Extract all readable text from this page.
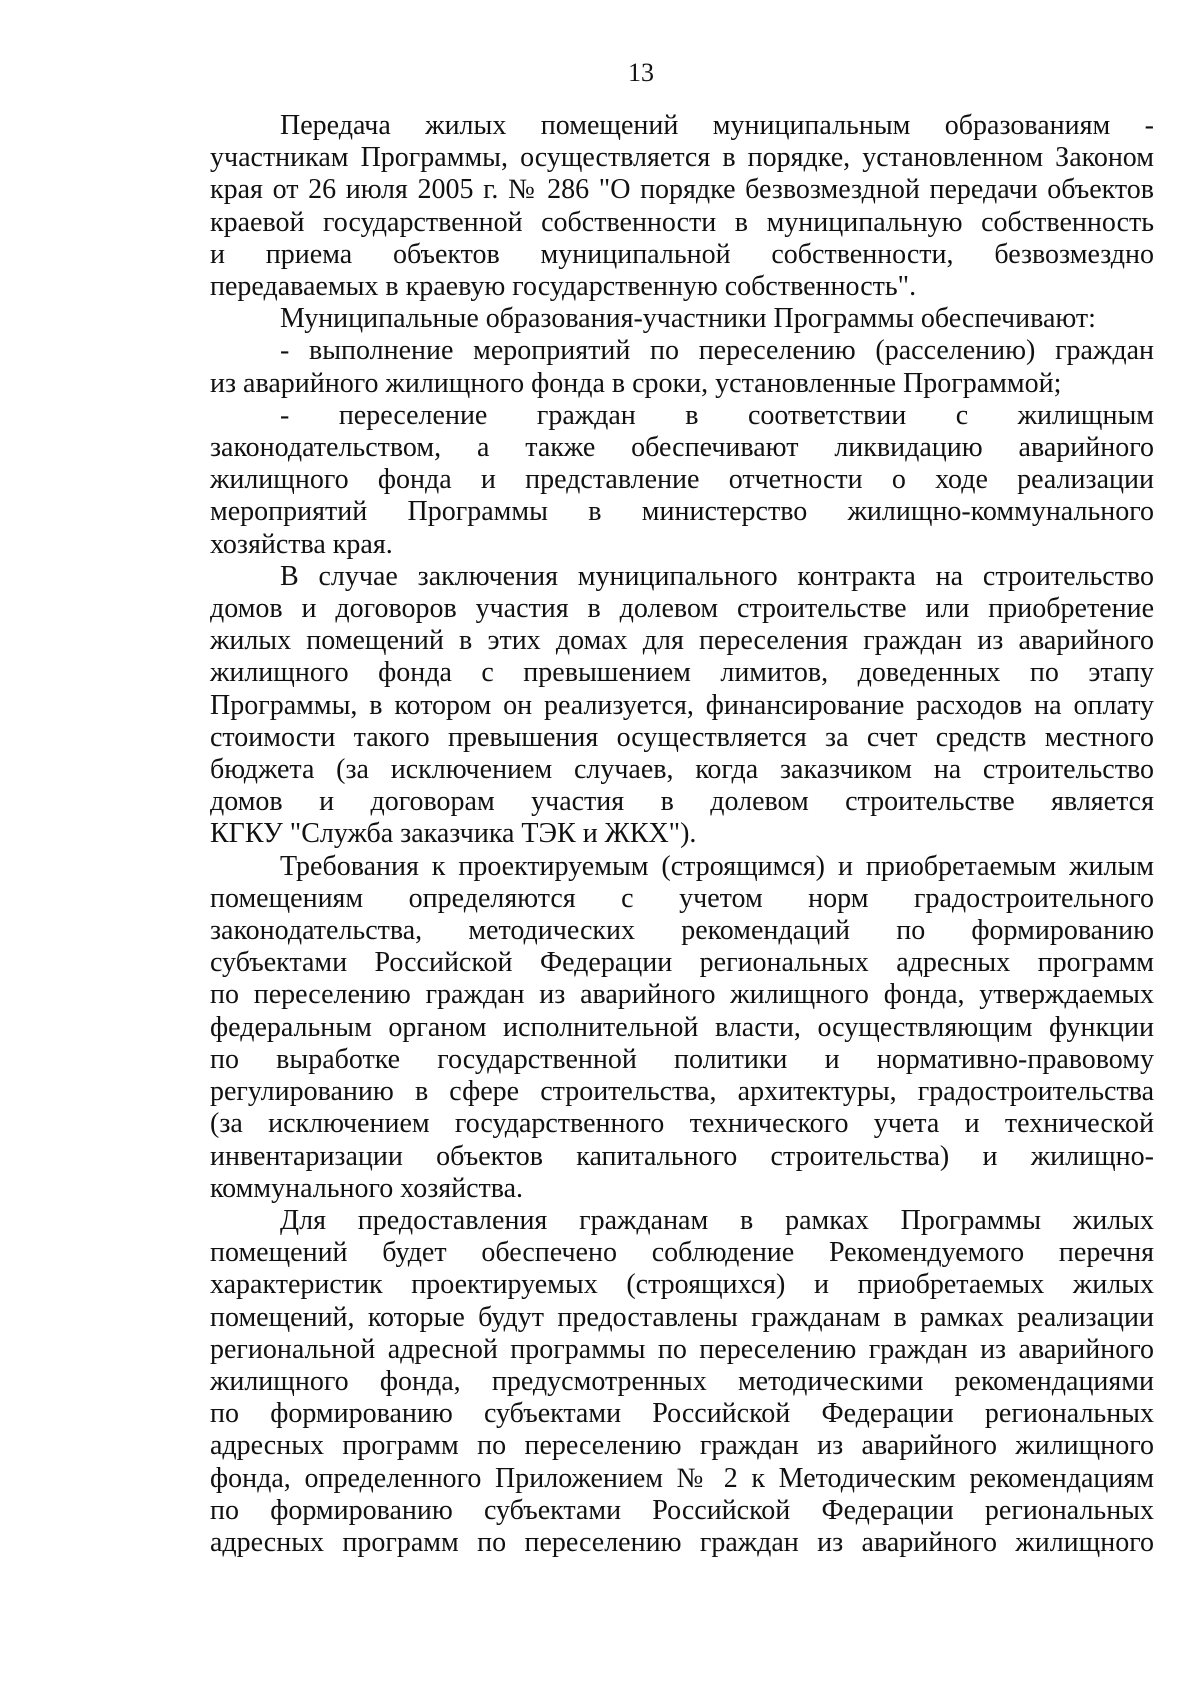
13
Передача жилых помещений муниципальным образованиям -
участникам Программы, осуществляется в порядке, установленном Законом
края от 26 июля 2005 г. № 286 "О порядке безвозмездной передачи объектов
краевой государственной собственности в муниципальную собственность
и приема объектов муниципальной собственности, безвозмездно
передаваемых в краевую государственную собственность".
Муниципальные образования-участники Программы обеспечивают:
- выполнение мероприятий по переселению (расселению) граждан
из аварийного жилищного фонда в сроки, установленные Программой;
- переселение граждан в соответствии с жилищным
законодательством, а также обеспечивают ликвидацию аварийного
жилищного фонда и представление отчетности о ходе реализации
мероприятий Программы в министерство жилищно-коммунального
хозяйства края.
В случае заключения муниципального контракта на строительство
домов и договоров участия в долевом строительстве или приобретение
жилых помещений в этих домах для переселения граждан из аварийного
жилищного фонда с превышением лимитов, доведенных по этапу
Программы, в котором он реализуется, финансирование расходов на оплату
стоимости такого превышения осуществляется за счет средств местного
бюджета (за исключением случаев, когда заказчиком на строительство
домов и договорам участия в долевом строительстве является
КГКУ "Служба заказчика ТЭК и ЖКХ").
Требования к проектируемым (строящимся) и приобретаемым жилым
помещениям определяются с учетом норм градостроительного
законодательства, методических рекомендаций по формированию
субъектами Российской Федерации региональных адресных программ
по переселению граждан из аварийного жилищного фонда, утверждаемых
федеральным органом исполнительной власти, осуществляющим функции
по выработке государственной политики и нормативно-правовому
регулированию в сфере строительства, архитектуры, градостроительства
(за исключением государственного технического учета и технической
инвентаризации объектов капитального строительства) и жилищно-
коммунального хозяйства.
Для предоставления гражданам в рамках Программы жилых
помещений будет обеспечено соблюдение Рекомендуемого перечня
характеристик проектируемых (строящихся) и приобретаемых жилых
помещений, которые будут предоставлены гражданам в рамках реализации
региональной адресной программы по переселению граждан из аварийного
жилищного фонда, предусмотренных методическими рекомендациями
по формированию субъектами Российской Федерации региональных
адресных программ по переселению граждан из аварийного жилищного
фонда, определенного Приложением № 2 к Методическим рекомендациям
по формированию субъектами Российской Федерации региональных
адресных программ по переселению граждан из аварийного жилищного
